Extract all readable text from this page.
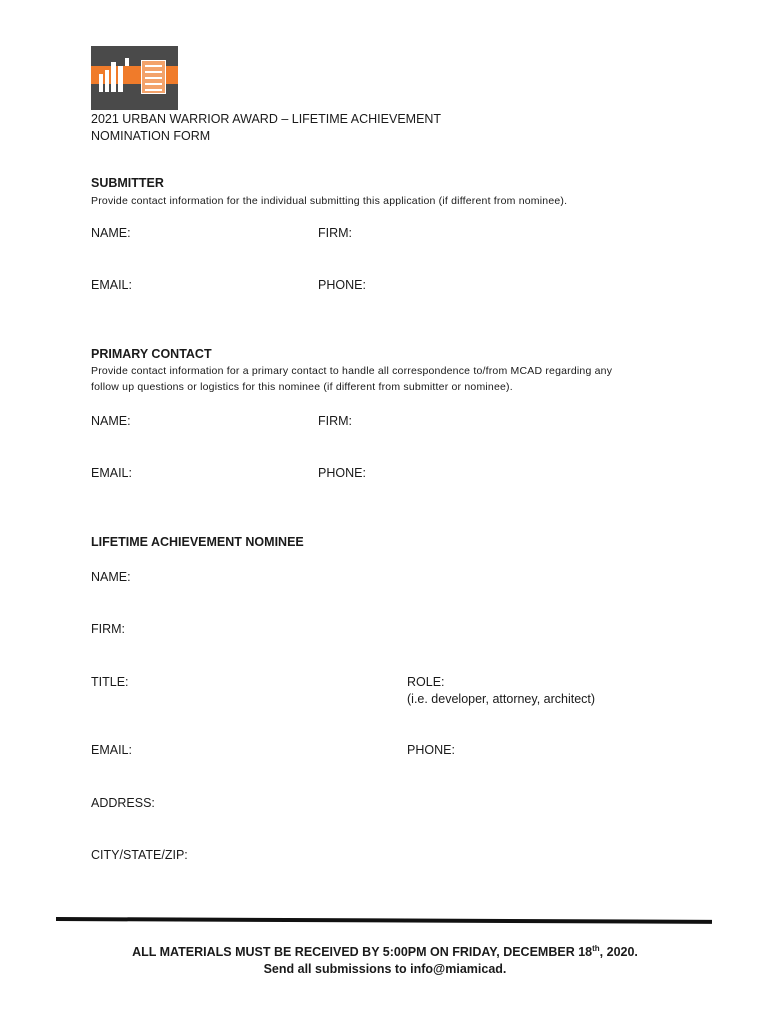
2021 URBAN WARRIOR AWARD – LIFETIME ACHIEVEMENT
NOMINATION FORM
SUBMITTER
Provide contact information for the individual submitting this application (if different from nominee).
NAME:	FIRM:
EMAIL:	PHONE:
PRIMARY CONTACT
Provide contact information for a primary contact to handle all correspondence to/from MCAD regarding any
follow up questions or logistics for this nominee (if different from submitter or nominee).
NAME:	FIRM:
EMAIL:	PHONE:
LIFETIME ACHIEVEMENT NOMINEE
NAME:
FIRM:
TITLE:	ROLE:
(i.e. developer, attorney, architect)
EMAIL:	PHONE:
ADDRESS:
CITY/STATE/ZIP:
ALL MATERIALS MUST BE RECEIVED BY 5:00PM ON FRIDAY, DECEMBER 18th, 2020.
Send all submissions to info@miamicad.
